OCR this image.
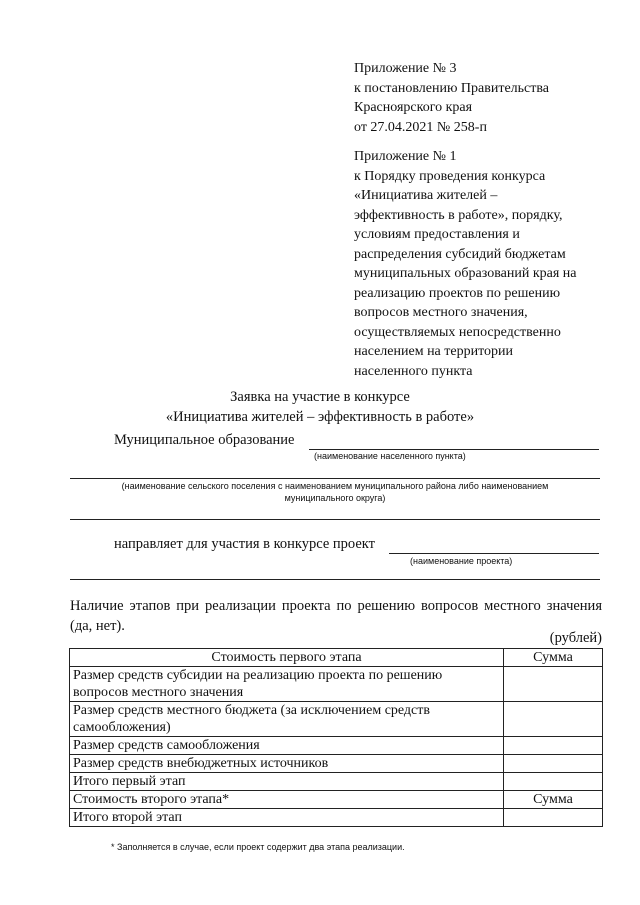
Приложение № 3
к постановлению Правительства
Красноярского края
от 27.04.2021 № 258-п
Приложение № 1
к Порядку проведения конкурса
«Инициатива жителей –
эффективность в работе», порядку,
условиям предоставления и
распределения субсидий бюджетам
муниципальных образований края на
реализацию проектов по решению
вопросов местного значения,
осуществляемых непосредственно
населением на территории
населенного пункта
Заявка на участие в конкурсе
«Инициатива жителей – эффективность в работе»
Муниципальное образование
(наименование населенного пункта)
(наименование сельского поселения с наименованием муниципального района либо наименованием
муниципального округа)
направляет для участия в конкурсе проект
(наименование проекта)
Наличие этапов при реализации проекта по решению вопросов местного значения (да, нет).
(рублей)
Стоимость первого этапа	Сумма
Размер средств субсидии на реализацию проекта по решению вопросов местного значения	
Размер средств местного бюджета (за исключением средств самообложения)	
Размер средств самообложения	
Размер средств внебюджетных источников	
Итого первый этап	
Стоимость второго этапа*	Сумма
Итого второй этап	
* Заполняется в случае, если проект содержит два этапа реализации.
